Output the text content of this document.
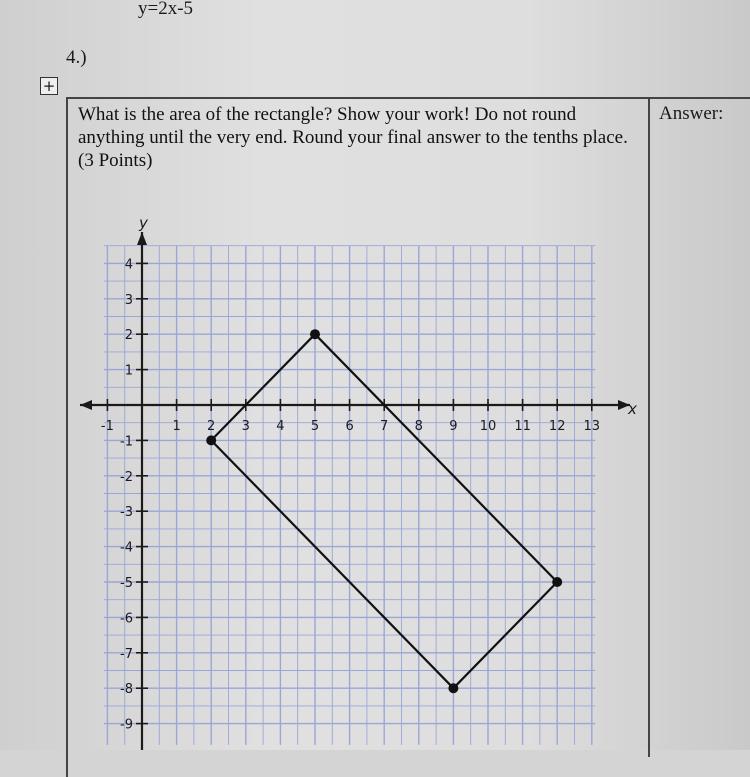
y=2x-5
4.)
+
What is the area of the rectangle? Show your work! Do not round anything until the very end. Round your final answer to the tenths place. (3 Points)
Answer:
x
y
-1	1 2 3 4 5 6 7 8 9 10 11 12 13
4
3
2
1
-1
-2
-3
-4
-5
-6
-7
-8
-9
